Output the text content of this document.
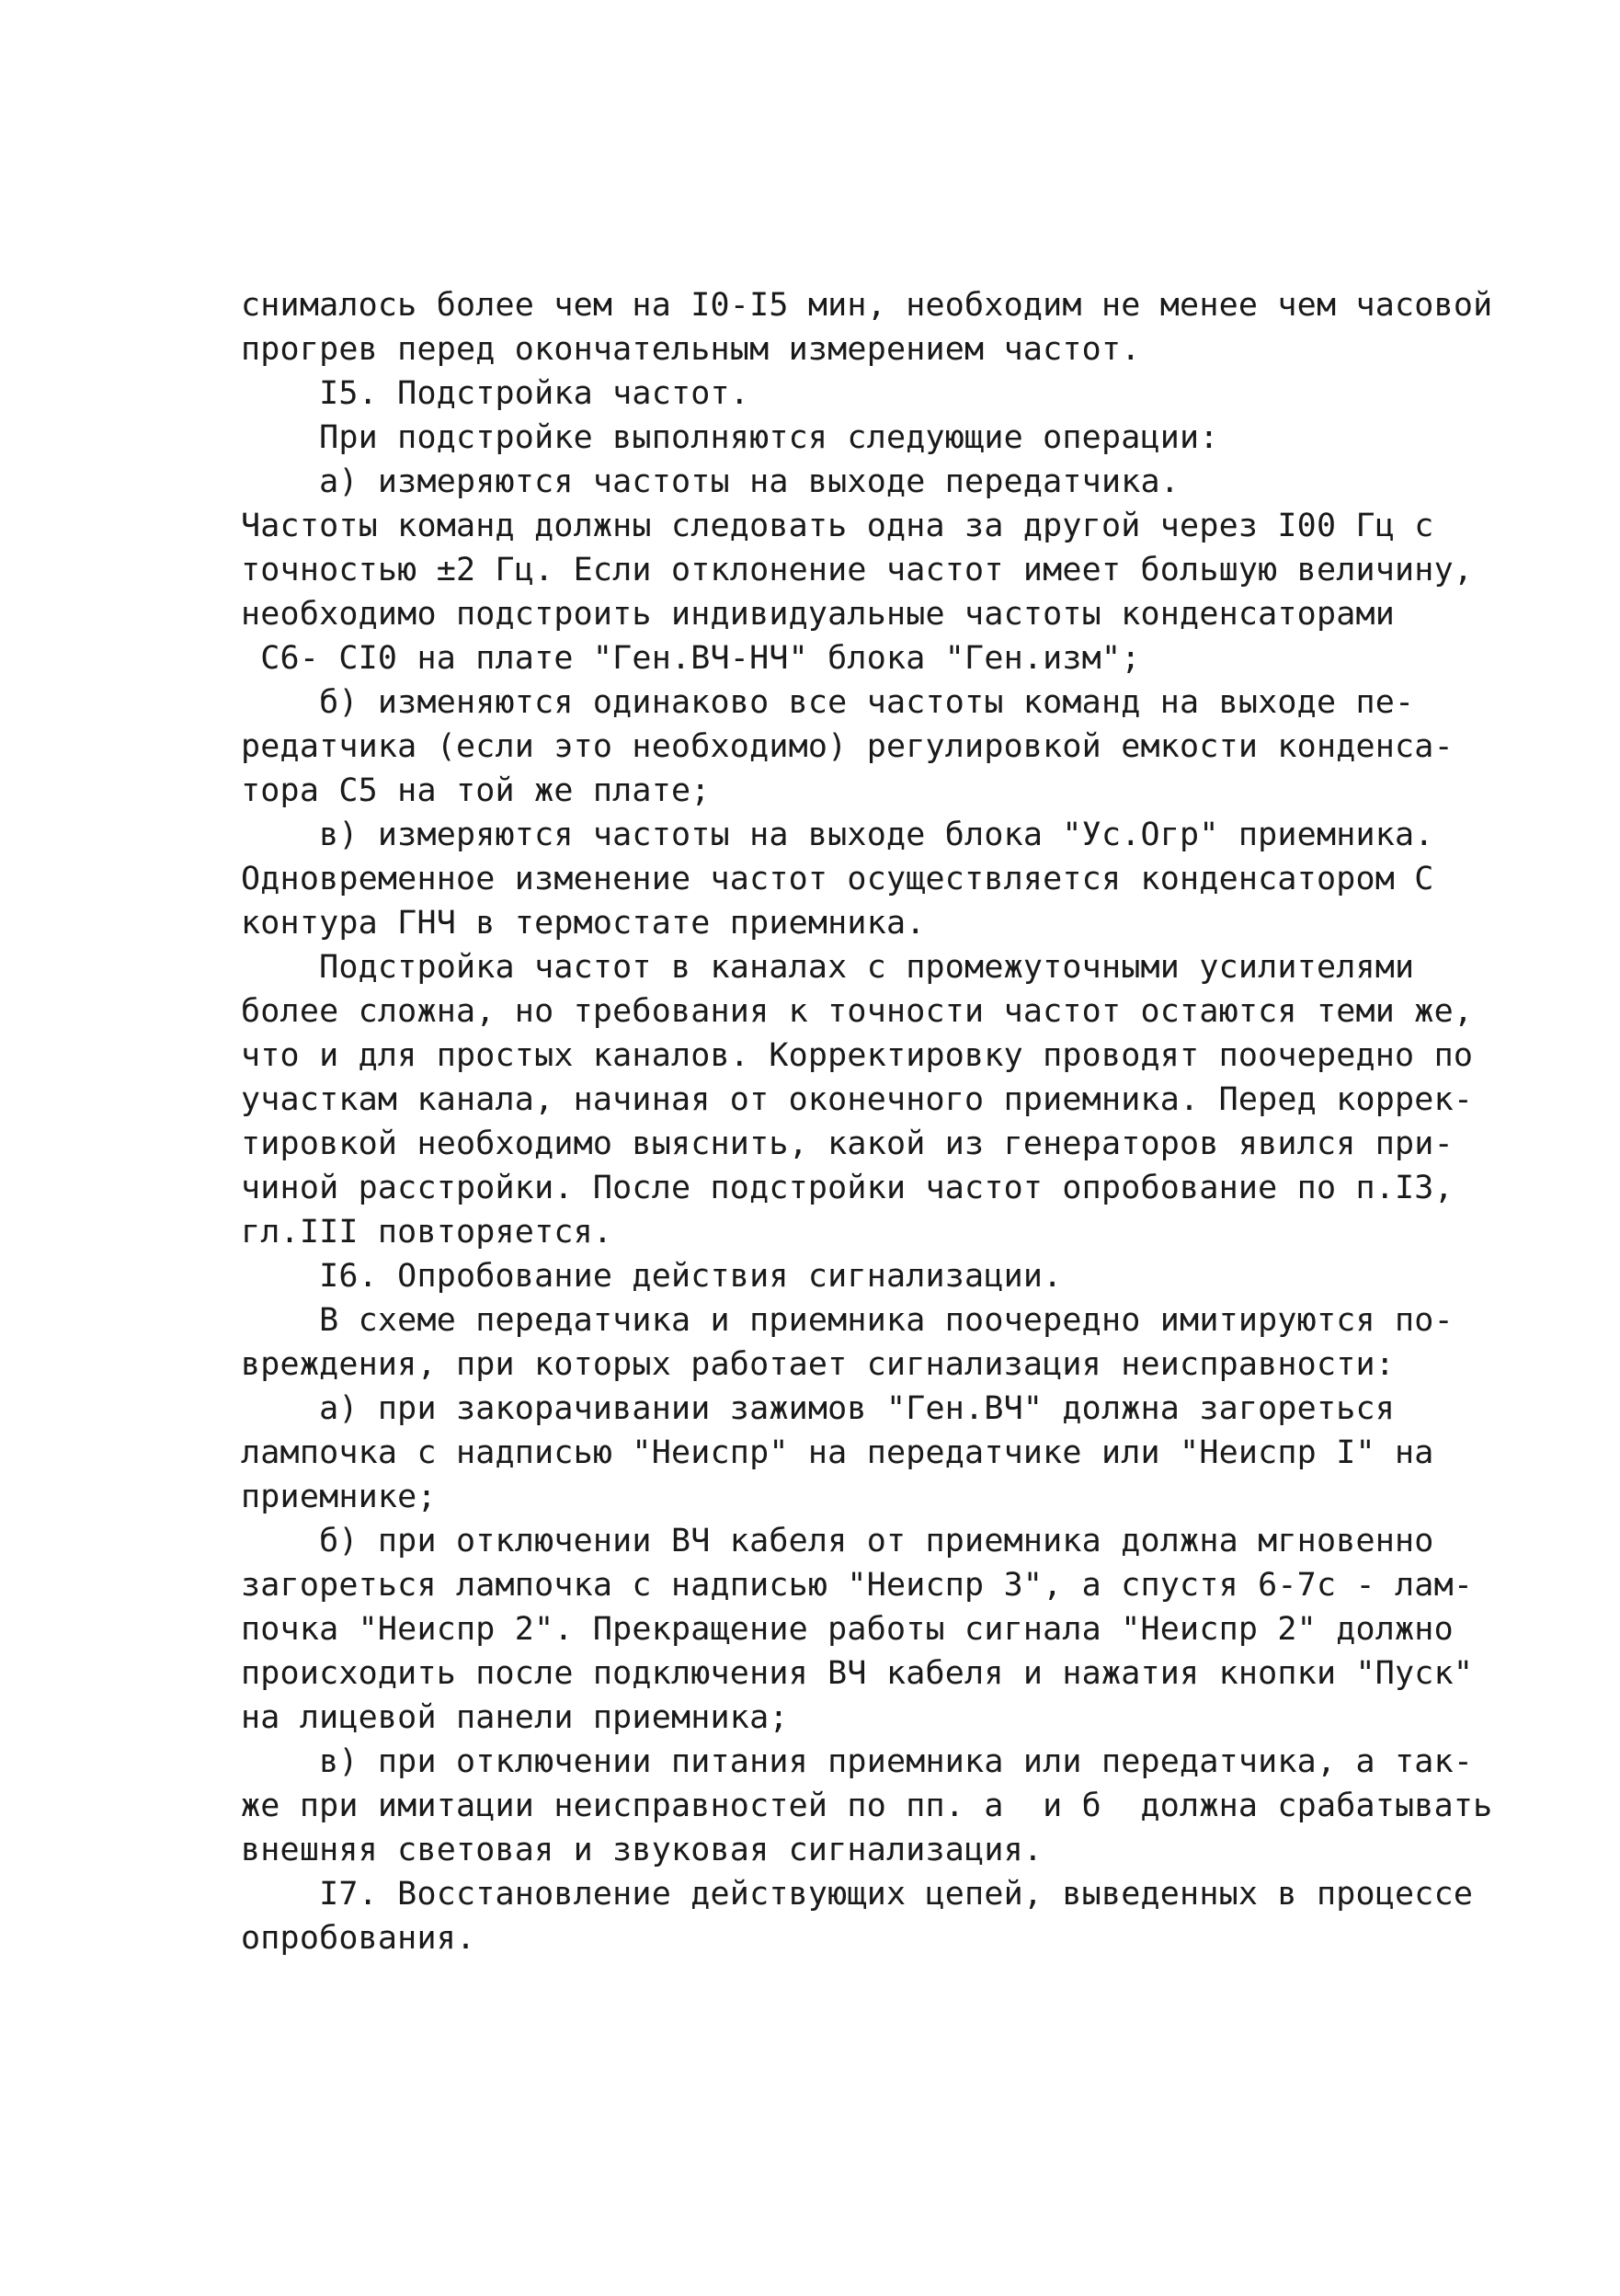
снималось более чем на I0-I5 мин, необходим не менее чем часовой
прогрев перед окончательным измерением частот.
I5. Подстройка частот.
При подстройке выполняются следующие операции:
а) измеряются частоты на выходе передатчика.
Частоты команд должны следовать одна за другой через I00 Гц с
точностью ±2 Гц. Если отклонение частот имеет большую величину,
необходимо подстроить индивидуальные частоты конденсаторами
С6- СI0 на плате "Ген.ВЧ-НЧ" блока "Ген.изм";
б) изменяются одинаково все частоты команд на выходе пе-
редатчика (если это необходимо) регулировкой емкости конденса-
тора С5 на той же плате;
в) измеряются частоты на выходе блока "Ус.Огр" приемника.
Одновременное изменение частот осуществляется конденсатором С
контура ГНЧ в термостате приемника.
Подстройка частот в каналах с промежуточными усилителями
более сложна, но требования к точности частот остаются теми же,
что и для простых каналов. Корректировку проводят поочередно по
участкам канала, начиная от оконечного приемника. Перед коррек-
тировкой необходимо выяснить, какой из генераторов явился при-
чиной расстройки. После подстройки частот опробование по п.I3,
гл.III повторяется.
I6. Опробование действия сигнализации.
В схеме передатчика и приемника поочередно имитируются по-
вреждения, при которых работает сигнализация неисправности:
а) при закорачивании зажимов "Ген.ВЧ" должна загореться
лампочка с надписью "Неиспр" на передатчике или "Неиспр I" на
приемнике;
б) при отключении ВЧ кабеля от приемника должна мгновенно
загореться лампочка с надписью "Неиспр 3", а спустя 6-7с - лам-
почка "Неиспр 2". Прекращение работы сигнала "Неиспр 2" должно
происходить после подключения ВЧ кабеля и нажатия кнопки "Пуск"
на лицевой панели приемника;
в) при отключении питания приемника или передатчика, а так-
же при имитации неисправностей по пп. а  и б  должна срабатывать
внешняя световая и звуковая сигнализация.
I7. Восстановление действующих цепей, выведенных в процессе
опробования.
